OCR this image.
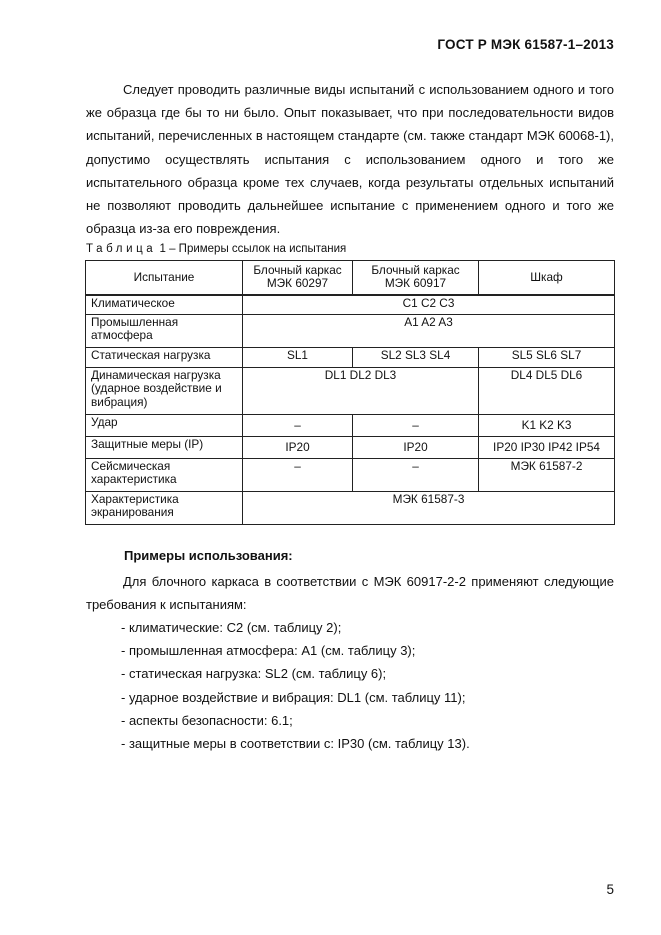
ГОСТ Р МЭК 61587-1–2013

Следует проводить различные виды испытаний с использованием одного и того же образца где бы то ни было. Опыт показывает, что при последовательности видов испытаний, перечисленных в настоящем стандарте (см. также стандарт МЭК 60068-1), допустимо осуществлять испытания с использованием одного и того же испытательного образца кроме тех случаев, когда результаты отдельных испытаний не позволяют проводить дальнейшее испытание с применением одного и того же образца из-за его повреждения.

Таблица 1 – Примеры ссылок на испытания

Испытание	Блочный каркас МЭК 60297	Блочный каркас МЭК 60917	Шкаф
Климатическое	C1 C2 C3		
Промышленная атмосфера	A1 A2 A3		
Статическая нагрузка	SL1	SL2 SL3 SL4	SL5 SL6 SL7
Динамическая нагрузка (ударное воздействие и вибрация)	DL1 DL2 DL3		DL4 DL5 DL6
Удар	–	–	K1 K2 K3
Защитные меры (IP)	IP20	IP20	IP20 IP30 IP42 IP54
Сейсмическая характеристика	–	–	МЭК 61587-2
Характеристика экранирования	МЭК 61587-3		

Примеры использования:

Для блочного каркаса в соответствии с МЭК 60917-2-2 применяют следующие требования к испытаниям:

- климатические: C2 (см. таблицу 2);
- промышленная атмосфера: A1 (см. таблицу 3);
- статическая нагрузка: SL2 (см. таблицу 6);
- ударное воздействие и вибрация: DL1 (см. таблицу 11);
- аспекты безопасности: 6.1;
- защитные меры в соответствии с: IP30 (см. таблицу 13).
5
